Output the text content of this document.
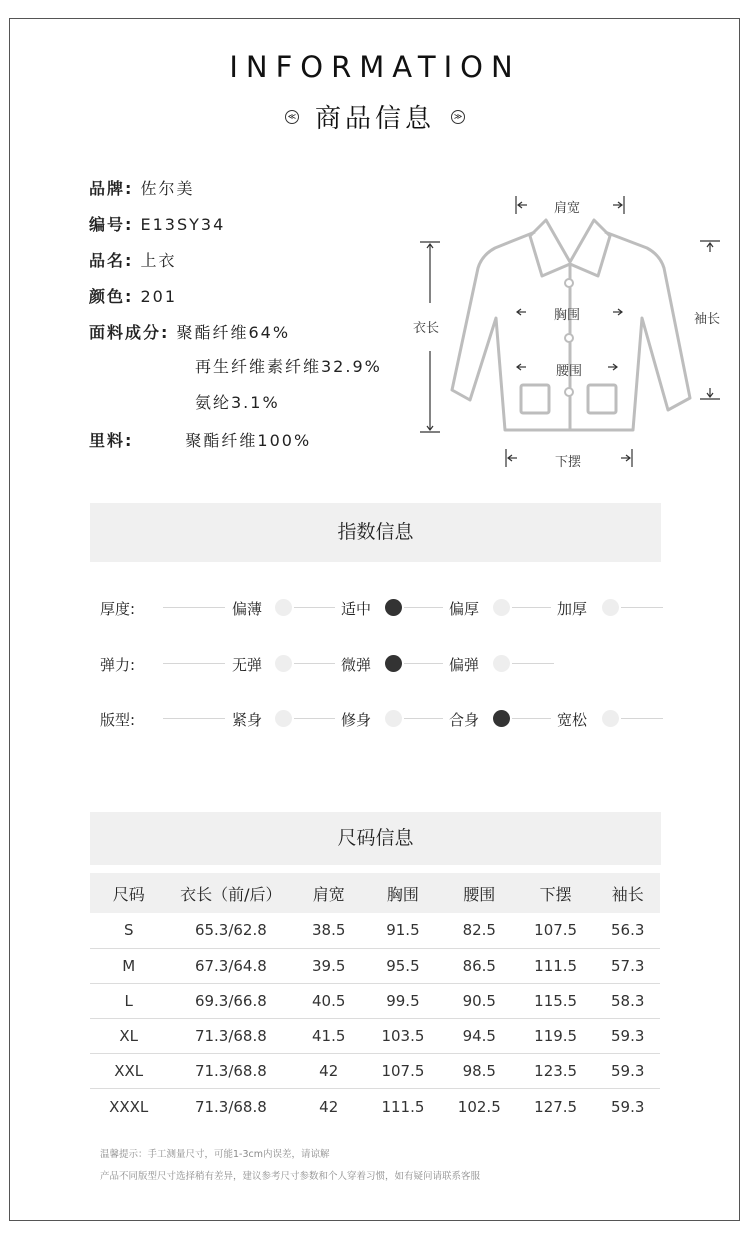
INFORMATION
≪ 商品信息 ≫
品牌: 佐尔美
编号: E13SY34
品名: 上衣
颜色: 201
面料成分: 聚酯纤维64%
再生纤维素纤维32.9%
氨纶3.1%
里料:	聚酯纤维100%
肩宽
胸围
腰围
下摆
衣长
袖长
指数信息
厚度:	偏薄	适中	偏厚	加厚
弹力:	无弹	微弹	偏弹
版型:	紧身	修身	合身	宽松
尺码信息
尺码	衣长（前/后）	肩宽	胸围	腰围	下摆	袖长
S	65.3/62.8	38.5	91.5	82.5	107.5	56.3
M	67.3/64.8	39.5	95.5	86.5	111.5	57.3
L	69.3/66.8	40.5	99.5	90.5	115.5	58.3
XL	71.3/68.8	41.5	103.5	94.5	119.5	59.3
XXL	71.3/68.8	42	107.5	98.5	123.5	59.3
XXXL	71.3/68.8	42	111.5	102.5	127.5	59.3
温馨提示：手工测量尺寸，可能1-3cm内误差，请谅解
产品不同版型尺寸选择稍有差异，建议参考尺寸参数和个人穿着习惯，如有疑问请联系客服
